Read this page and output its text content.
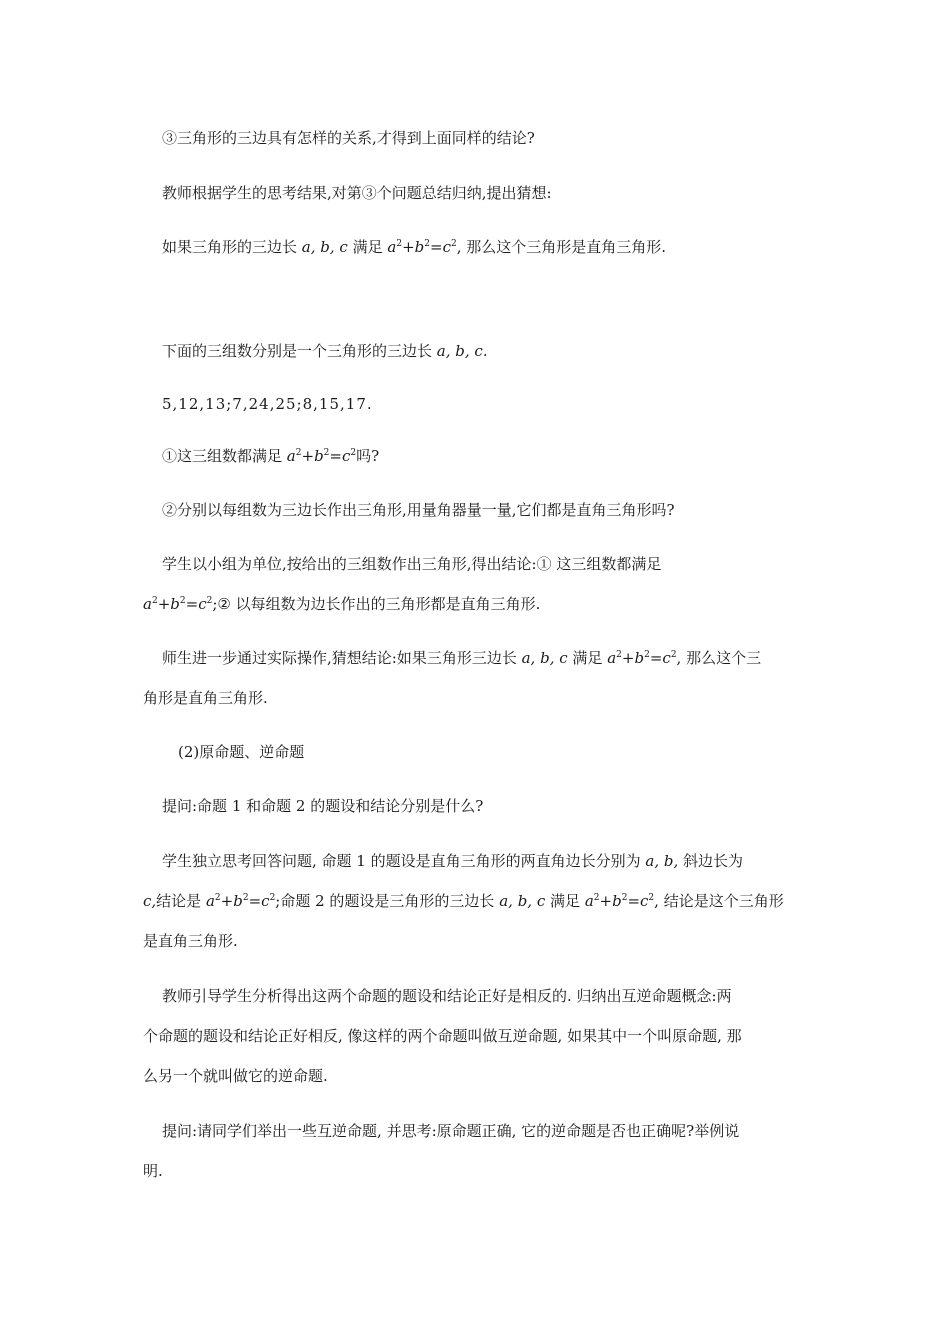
③三角形的三边具有怎样的关系,才得到上面同样的结论?

教师根据学生的思考结果,对第③个问题总结归纳,提出猜想:

如果三角形的三边长 a, b, c 满足 $a^2+b^2=c^2$, 那么这个三角形是直角三角形.

下面的三组数分别是一个三角形的三边长 a, b, c.

5,12,13;7,24,25;8,15,17.

①这三组数都满足 $a^2+b^2=c^2$吗?

②分别以每组数为三边长作出三角形,用量角器量一量,它们都是直角三角形吗?

学生以小组为单位,按给出的三组数作出三角形,得出结论:① 这三组数都满足

$a^2+b^2=c^2;②$ 以每组数为边长作出的三角形都是直角三角形.

师生进一步通过实际操作,猜想结论:如果三角形三边长 a, b, c 满足 $a^2+b^2=c^2$, 那么这个三

角形是直角三角形.

(2)原命题、逆命题

提问:命题 1 和命题 2 的题设和结论分别是什么?

学生独立思考回答问题, 命题 1 的题设是直角三角形的两直角边长分别为 a, b, 斜边长为

c,结论是 $a^2+b^2=c^2$;命题 2 的题设是三角形的三边长 a, b, c 满足 $a^2+b^2=c^2$, 结论是这个三角形

是直角三角形.

教师引导学生分析得出这两个命题的题设和结论正好是相反的. 归纳出互逆命题概念:两

个命题的题设和结论正好相反, 像这样的两个命题叫做互逆命题, 如果其中一个叫原命题, 那

么另一个就叫做它的逆命题.

提问:请同学们举出一些互逆命题, 并思考:原命题正确, 它的逆命题是否也正确呢?举例说

明.
